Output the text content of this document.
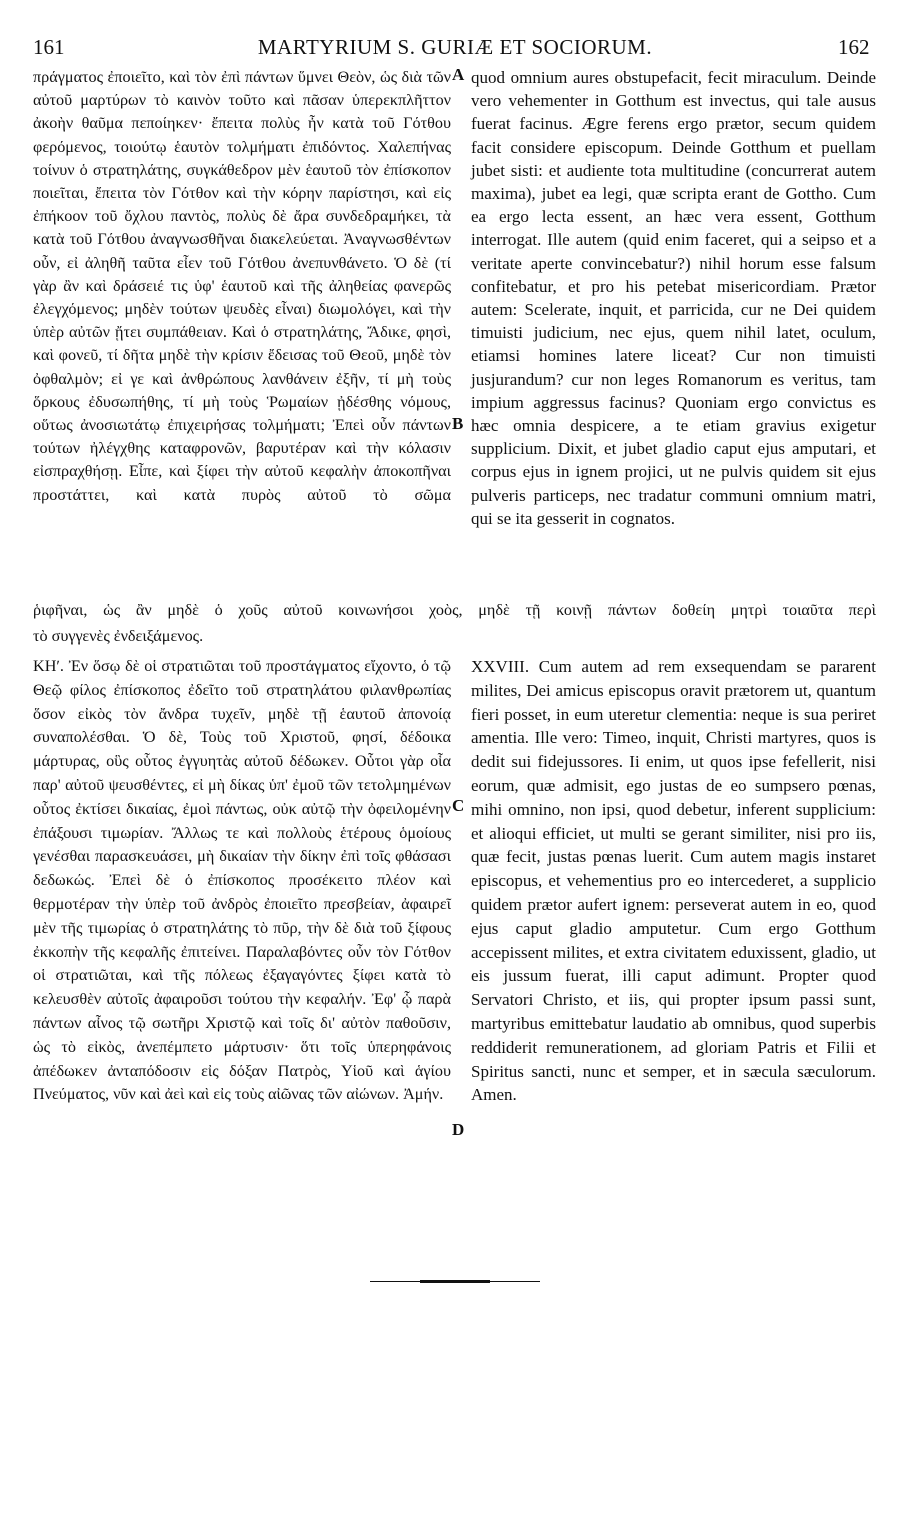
161	MARTYRIUM S. GURIÆ ET SOCIORUM.	162

πράγματος ἐποιεῖτο, καὶ τὸν ἐπὶ πάντων ὕμνει Θεὸν, ὡς διὰ τῶν αὐτοῦ μαρτύρων τὸ καινὸν τοῦτο καὶ πᾶσαν ὑπερεκπλῆττον ἀκοὴν θαῦμα πεποίηκεν· ἔπειτα πολὺς ἦν κατὰ τοῦ Γότθου φερόμενος, τοιούτῳ ἑαυτὸν τολμήματι ἐπιδόντος. Χαλεπήνας τοίνυν ὁ στρατηλάτης, συγκάθεδρον μὲν ἑαυτοῦ τὸν ἐπίσκοπον ποιεῖται, ἔπειτα τὸν Γότθον καὶ τὴν κόρην παρίστησι, καὶ εἰς ἐπήκοον τοῦ ὄχλου παντὸς, πολὺς δὲ ἄρα συνδεδραμήκει, τὰ κατὰ τοῦ Γότθου ἀναγνωσθῆναι διακελεύεται. Ἀναγνωσθέντων οὖν, εἰ ἀληθῆ ταῦτα εἶεν τοῦ Γότθου ἀνεπυνθάνετο. Ὁ δὲ (τί γὰρ ἂν καὶ δράσειέ τις ὑφ' ἑαυτοῦ καὶ τῆς ἀληθείας φανερῶς ἐλεγχόμενος; μηδὲν τούτων ψευδὲς εἶναι) διωμολόγει, καὶ τὴν ὑπὲρ αὐτῶν ᾔτει συμπάθειαν. Καὶ ὁ στρατηλάτης, Ἄδικε, φησὶ, καὶ φονεῦ, τί δῆτα μηδὲ τὴν κρίσιν ἔδεισας τοῦ Θεοῦ, μηδὲ τὸν ὀφθαλμὸν; εἰ γε καὶ ἀνθρώπους λανθάνειν ἐξῆν, τί μὴ τοὺς ὅρκους ἐδυσωπήθης, τί μὴ τοὺς Ῥωμαίων ᾐδέσθης νόμους, οὕτως ἀνοσιωτάτῳ ἐπιχειρήσας τολμήματι; Ἐπεὶ οὖν πάντων τούτων ἠλέγχθης καταφρονῶν, βαρυτέραν καὶ τὴν κόλασιν εἰσπραχθήσῃ. Εἶπε, καὶ ξίφει τὴν αὐτοῦ κεφαλὴν ἀποκοπῆναι προστάττει, καὶ κατὰ πυρὸς αὐτοῦ τὸ σῶμα

quod omnium aures obstupefacit, fecit miraculum. Deinde vero vehementer in Gotthum est invectus, qui tale ausus fuerat facinus. Ægre ferens ergo prætor, secum quidem facit considere episcopum. Deinde Gotthum et puellam jubet sisti: et audiente tota multitudine (concurrerat autem maxima), jubet ea legi, quæ scripta erant de Gottho. Cum ea ergo lecta essent, an hæc vera essent, Gotthum interrogat. Ille autem (quid enim faceret, qui a seipso et a veritate aperte convincebatur?) nihil horum esse falsum confitebatur, et pro his petebat misericordiam. Prætor autem: Scelerate, inquit, et parricida, cur ne Dei quidem timuisti judicium, nec ejus, quem nihil latet, oculum, etiamsi homines latere liceat? Cur non timuisti jusjurandum? cur non leges Romanorum es veritus, tam impium aggressus facinus? Quoniam ergo convictus es hæc omnia despicere, a te etiam gravius exigetur supplicium. Dixit, et jubet gladio caput ejus amputari, et corpus ejus in ignem projici, ut ne pulvis quidem sit ejus pulveris particeps, nec tradatur communi omnium matri, qui se ita gesserit in cognatos.

A
B
C
D
ῥιφῆναι, ὡς ἂν μηδὲ ὁ χοῦς αὐτοῦ κοινωνήσοι χοὸς, μηδὲ τῇ κοινῇ πάντων δοθείη μητρὶ τοιαῦτα περὶ
τὸ συγγενὲς ἐνδειξάμενος.

ΚΗʹ. Ἐν ὅσῳ δὲ οἱ στρατιῶται τοῦ προστάγματος εἴχοντο, ὁ τῷ Θεῷ φίλος ἐπίσκοπος ἐδεῖτο τοῦ στρατηλάτου φιλανθρωπίας ὅσον εἰκὸς τὸν ἄνδρα τυχεῖν, μηδὲ τῇ ἑαυτοῦ ἀπονοίᾳ συναπολέσθαι. Ὁ δὲ, Τοὺς τοῦ Χριστοῦ, φησί, δέδοικα μάρτυρας, οὓς οὗτος ἐγγυητὰς αὐτοῦ δέδωκεν. Οὗτοι γὰρ οἷα παρ' αὐτοῦ ψευσθέντες, εἰ μὴ δίκας ὑπ' ἐμοῦ τῶν τετολμημένων οὗτος ἐκτίσει δικαίας, ἐμοὶ πάντως, οὐκ αὐτῷ τὴν ὀφειλομένην ἐπάξουσι τιμωρίαν. Ἄλλως τε καὶ πολλοὺς ἑτέρους ὁμοίους γενέσθαι παρασκευάσει, μὴ δικαίαν τὴν δίκην ἐπὶ τοῖς φθάσασι δεδωκώς. Ἐπεὶ δὲ ὁ ἐπίσκοπος προσέκειτο πλέον καὶ θερμοτέραν τὴν ὑπὲρ τοῦ ἀνδρὸς ἐποιεῖτο πρεσβείαν, ἀφαιρεῖ μὲν τῆς τιμωρίας ὁ στρατηλάτης τὸ πῦρ, τὴν δὲ διὰ τοῦ ξίφους ἐκκοπὴν τῆς κεφαλῆς ἐπιτείνει. Παραλαβόντες οὖν τὸν Γότθον οἱ στρατιῶται, καὶ τῆς πόλεως ἐξαγαγόντες ξίφει κατὰ τὸ κελευσθὲν αὐτοῖς ἀφαιροῦσι τούτου τὴν κεφαλήν. Ἐφ' ᾧ παρὰ πάντων αἶνος τῷ σωτῆρι Χριστῷ καὶ τοῖς δι' αὐτὸν παθοῦσιν, ὡς τὸ εἰκὸς, ἀνεπέμπετο μάρτυσιν· ὅτι τοῖς ὑπερηφάνοις ἀπέδωκεν ἀνταπόδοσιν εἰς δόξαν Πατρὸς, Υἱοῦ καὶ ἁγίου Πνεύματος, νῦν καὶ ἀεὶ καὶ εἰς τοὺς αἰῶνας τῶν αἰώνων. Ἀμήν.

XXVIII. Cum autem ad rem exsequendam se pararent milites, Dei amicus episcopus oravit prætorem ut, quantum fieri posset, in eum uteretur clementia: neque is sua periret amentia. Ille vero: Timeo, inquit, Christi martyres, quos is dedit sui fidejussores. Ii enim, ut quos ipse fefellerit, nisi eorum, quæ admisit, ego justas de eo sumpsero pœnas, mihi omnino, non ipsi, quod debetur, inferent supplicium: et alioqui efficiet, ut multi se gerant similiter, nisi pro iis, quæ fecit, justas pœnas luerit. Cum autem magis instaret episcopus, et vehementius pro eo intercederet, a supplicio quidem prætor aufert ignem: perseverat autem in eo, quod ejus caput gladio amputetur. Cum ergo Gotthum accepissent milites, et extra civitatem eduxissent, gladio, ut eis jussum fuerat, illi caput adimunt. Propter quod Servatori Christo, et iis, qui propter ipsum passi sunt, martyribus emittebatur laudatio ab omnibus, quod superbis reddiderit remunerationem, ad gloriam Patris et Filii et Spiritus sancti, nunc et semper, et in sæcula sæculorum. Amen.
